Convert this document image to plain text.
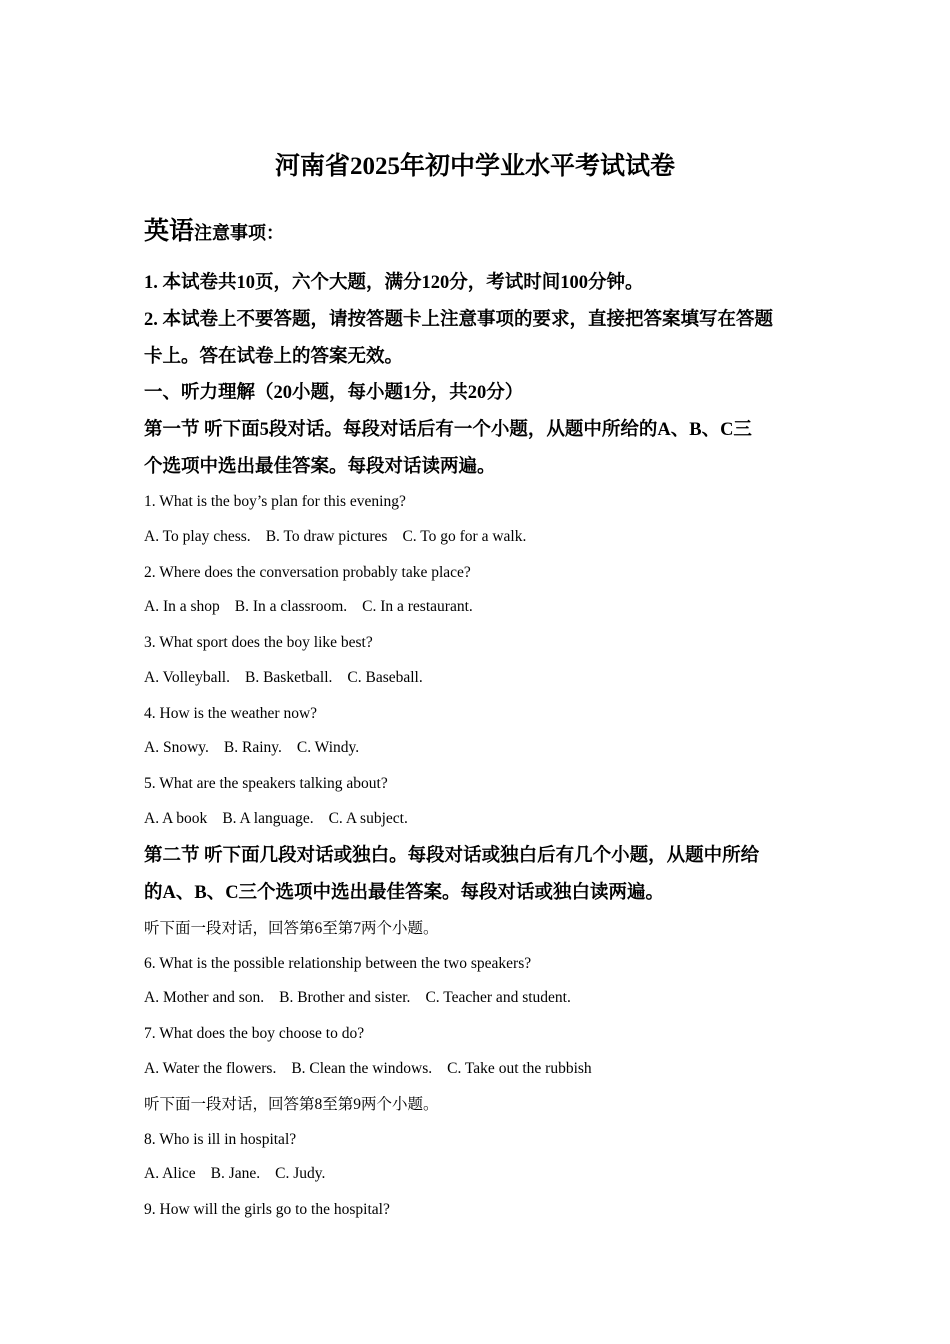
河南省2025年初中学业水平考试试卷
英语注意事项：
1. 本试卷共10页，六个大题，满分120分，考试时间100分钟。
2. 本试卷上不要答题，请按答题卡上注意事项的要求，直接把答案填写在答题
卡上。答在试卷上的答案无效。
一、听力理解（20小题，每小题1分，共20分）
第一节 听下面5段对话。每段对话后有一个小题，从题中所给的A、B、C三
个选项中选出最佳答案。每段对话读两遍。
1. What is the boy’s plan for this evening?
A. To play chess. B. To draw pictures C. To go for a walk.
2. Where does the conversation probably take place?
A. In a shop B. In a classroom. C. In a restaurant.
3. What sport does the boy like best?
A. Volleyball. B. Basketball. C. Baseball.
4. How is the weather now?
A. Snowy. B. Rainy. C. Windy.
5. What are the speakers talking about?
A. A book B. A language. C. A subject.
第二节 听下面几段对话或独白。每段对话或独白后有几个小题，从题中所给
的A、B、C三个选项中选出最佳答案。每段对话或独白读两遍。
听下面一段对话，回答第6至第7两个小题。
6. What is the possible relationship between the two speakers?
A. Mother and son. B. Brother and sister. C. Teacher and student.
7. What does the boy choose to do?
A. Water the flowers. B. Clean the windows. C. Take out the rubbish
听下面一段对话，回答第8至第9两个小题。
8. Who is ill in hospital?
A. Alice B. Jane. C. Judy.
9. How will the girls go to the hospital?
